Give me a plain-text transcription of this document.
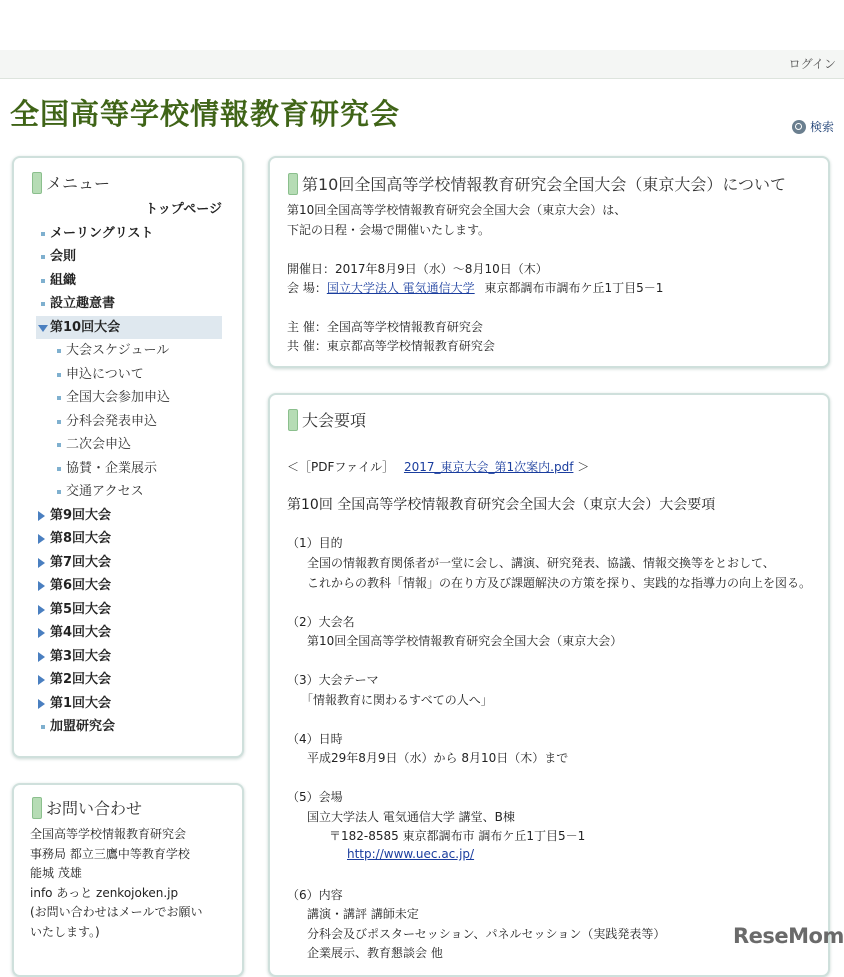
ログイン
全国高等学校情報教育研究会	検索
メニュー
トップページ
メーリングリスト
会則
組織
設立趣意書
第10回大会
大会スケジュール
申込について
全国大会参加申込
分科会発表申込
二次会申込
協賛・企業展示
交通アクセス
第9回大会
第8回大会
第7回大会
第6回大会
第5回大会
第4回大会
第3回大会
第2回大会
第1回大会
加盟研究会
お問い合わせ
全国高等学校情報教育研究会
事務局 都立三鷹中等教育学校
能城 茂雄
info あっと zenkojoken.jp
(お問い合わせはメールでお願い
いたします。)
第10回全国高等学校情報教育研究会全国大会（東京大会）について
第10回全国高等学校情報教育研究会全国大会（東京大会）は、
下記の日程・会場で開催いたします。
開催日：2017年8月9日（水）～8月10日（木）
会 場：国立大学法人 電気通信大学 東京都調布市調布ケ丘1丁目5－1
主 催：全国高等学校情報教育研究会
共 催：東京都高等学校情報教育研究会
大会要項
＜［PDFファイル］ 2017_東京大会_第1次案内.pdf ＞
第10回 全国高等学校情報教育研究会全国大会（東京大会）大会要項
（1）目的
全国の情報教育関係者が一堂に会し、講演、研究発表、協議、情報交換等をとおして、
これからの教科「情報」の在り方及び課題解決の方策を探り、実践的な指導力の向上を図る。
（2）大会名
第10回全国高等学校情報教育研究会全国大会（東京大会）
（3）大会テーマ
「情報教育に関わるすべての人へ」
（4）日時
平成29年8月9日（水）から 8月10日（木）まで
（5）会場
国立大学法人 電気通信大学 講堂、B棟
〒182-8585 東京都調布市 調布ケ丘1丁目5－1
http://www.uec.ac.jp/
（6）内容
講演・講評 講師未定
分科会及びポスターセッション、パネルセッション（実践発表等）
企業展示、教育懇談会 他
ReseMom
